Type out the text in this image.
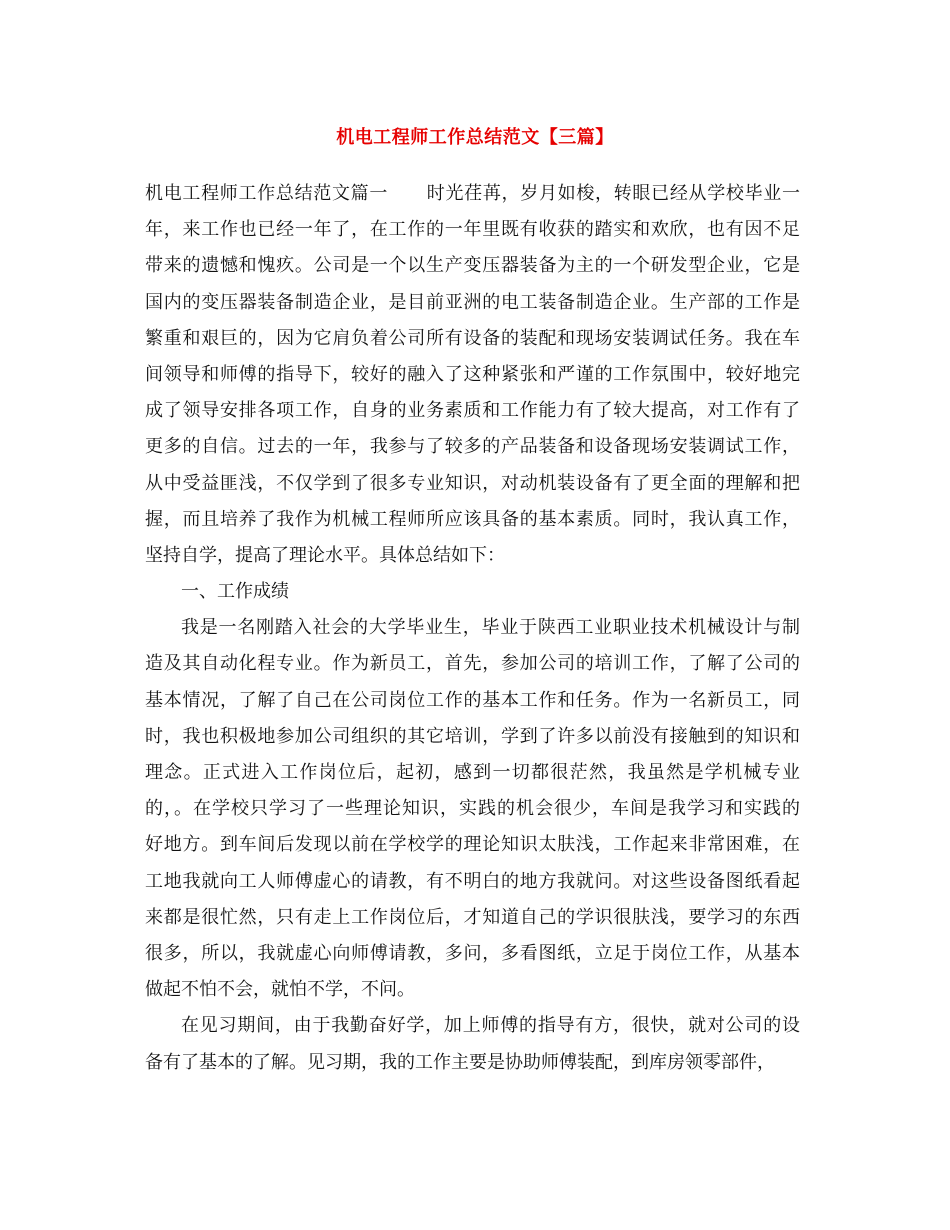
机电工程师工作总结范文【三篇】
机电工程师工作总结范文篇一 时光荏苒，岁月如梭，转眼已经从学校毕业一
年，来工作也已经一年了，在工作的一年里既有收获的踏实和欢欣，也有因不足
带来的遗憾和愧疚。公司是一个以生产变压器装备为主的一个研发型企业，它是
国内的变压器装备制造企业，是目前亚洲的电工装备制造企业。生产部的工作是
繁重和艰巨的，因为它肩负着公司所有设备的装配和现场安装调试任务。我在车
间领导和师傅的指导下，较好的融入了这种紧张和严谨的工作氛围中，较好地完
成了领导安排各项工作，自身的业务素质和工作能力有了较大提高，对工作有了
更多的自信。过去的一年，我参与了较多的产品装备和设备现场安装调试工作，
从中受益匪浅，不仅学到了很多专业知识，对动机装设备有了更全面的理解和把
握，而且培养了我作为机械工程师所应该具备的基本素质。同时，我认真工作，
坚持自学，提高了理论水平。具体总结如下：
一、工作成绩
我是一名刚踏入社会的大学毕业生，毕业于陕西工业职业技术机械设计与制
造及其自动化程专业。作为新员工，首先，参加公司的培训工作，了解了公司的
基本情况，了解了自己在公司岗位工作的基本工作和任务。作为一名新员工，同
时，我也积极地参加公司组织的其它培训，学到了许多以前没有接触到的知识和
理念。正式进入工作岗位后，起初，感到一切都很茫然，我虽然是学机械专业
的，。在学校只学习了一些理论知识，实践的机会很少，车间是我学习和实践的
好地方。到车间后发现以前在学校学的理论知识太肤浅，工作起来非常困难，在
工地我就向工人师傅虚心的请教，有不明白的地方我就问。对这些设备图纸看起
来都是很忙然，只有走上工作岗位后，才知道自己的学识很肤浅，要学习的东西
很多，所以，我就虚心向师傅请教，多问，多看图纸，立足于岗位工作，从基本
做起不怕不会，就怕不学，不问。
在见习期间，由于我勤奋好学，加上师傅的指导有方，很快，就对公司的设
备有了基本的了解。见习期，我的工作主要是协助师傅装配，到库房领零部件，
